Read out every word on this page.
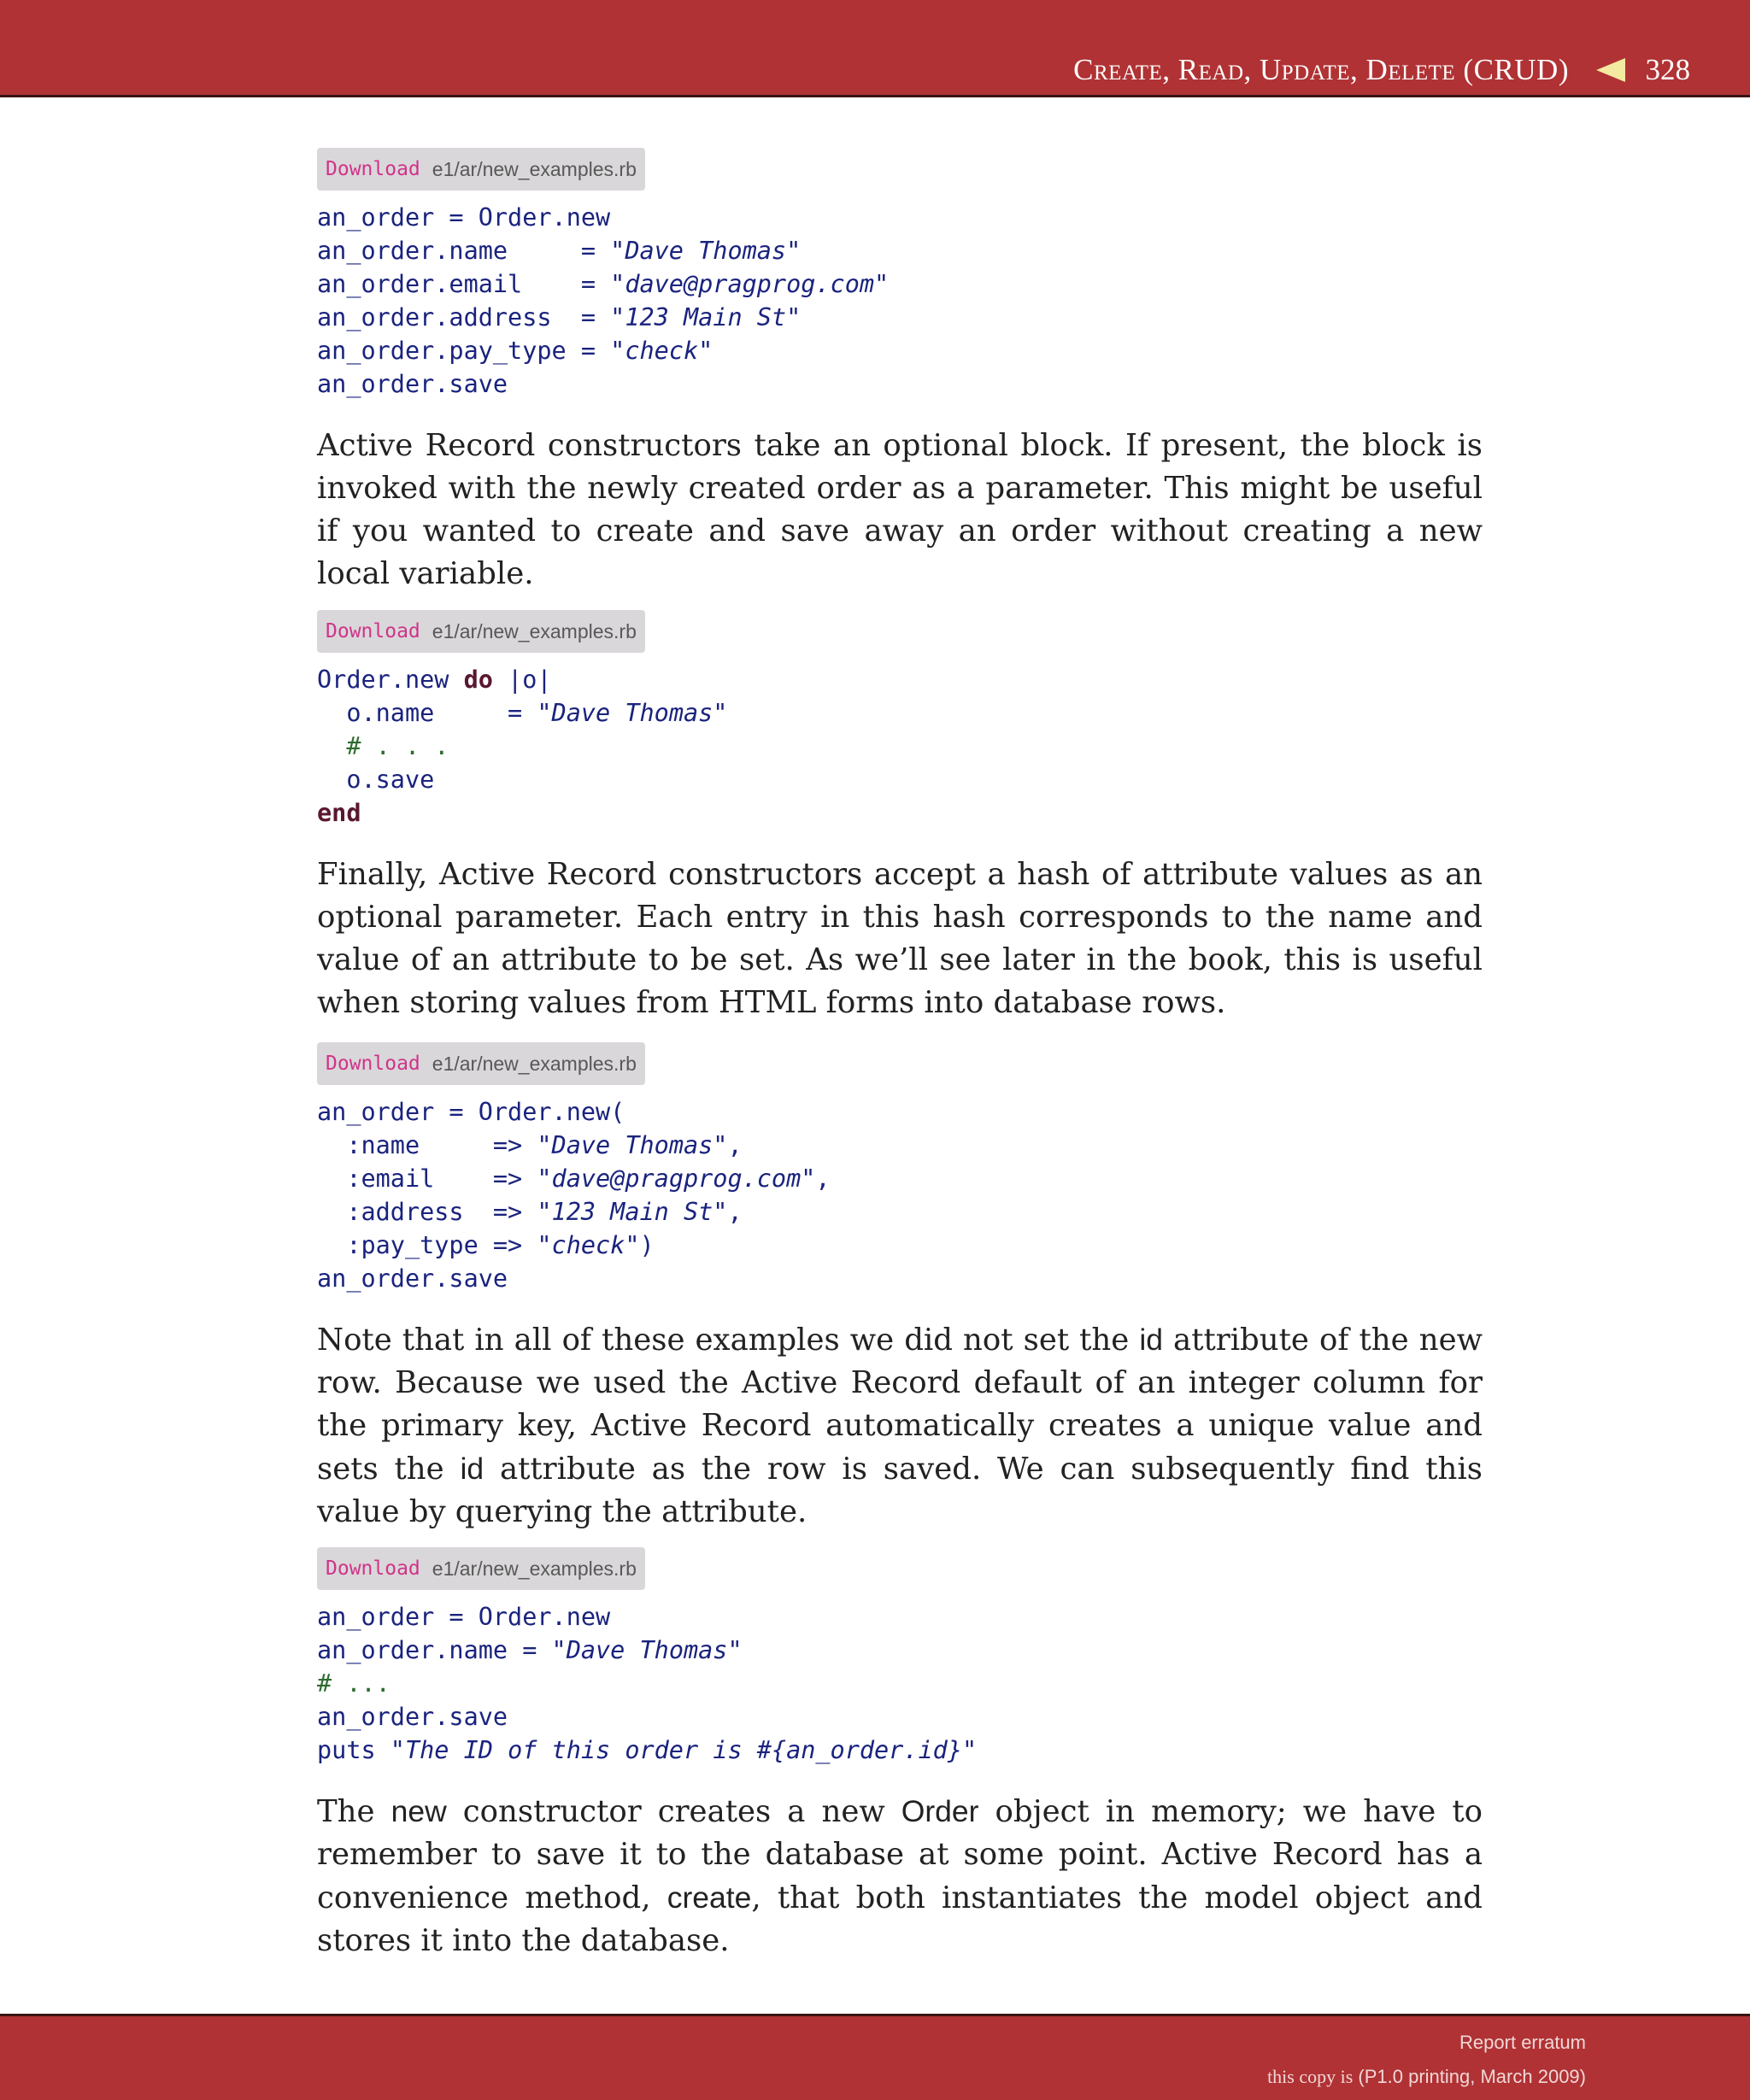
Create, Read, Update, Delete (CRUD)	328
Download e1/ar/new_examples.rb
an_order = Order.new
an_order.name     = "Dave Thomas"
an_order.email    = "dave@pragprog.com"
an_order.address  = "123 Main St"
an_order.pay_type = "check"
an_order.save

Active Record constructors take an optional block. If present, the block is invoked with the newly created order as a parameter. This might be useful if you wanted to create and save away an order without creating a new local variable.

Download e1/ar/new_examples.rb
Order.new do |o|
o.name     = "Dave Thomas"
# . . .
o.save
end

Finally, Active Record constructors accept a hash of attribute values as an optional parameter. Each entry in this hash corresponds to the name and value of an attribute to be set. As we’ll see later in the book, this is useful when storing values from HTML forms into database rows.

Download e1/ar/new_examples.rb
an_order = Order.new(
:name     => "Dave Thomas",
:email    => "dave@pragprog.com",
:address  => "123 Main St",
:pay_type => "check")
an_order.save

Note that in all of these examples we did not set the id attribute of the new row. Because we used the Active Record default of an integer column for the primary key, Active Record automatically creates a unique value and sets the id attribute as the row is saved. We can subsequently find this value by querying the attribute.

Download e1/ar/new_examples.rb
an_order = Order.new
an_order.name = "Dave Thomas"
# ...
an_order.save
puts "The ID of this order is #{an_order.id}"

The new constructor creates a new Order object in memory; we have to remember to save it to the database at some point. Active Record has a convenience method, create, that both instantiates the model object and stores it into the database.

Report erratum
this copy is (P1.0 printing, March 2009)
